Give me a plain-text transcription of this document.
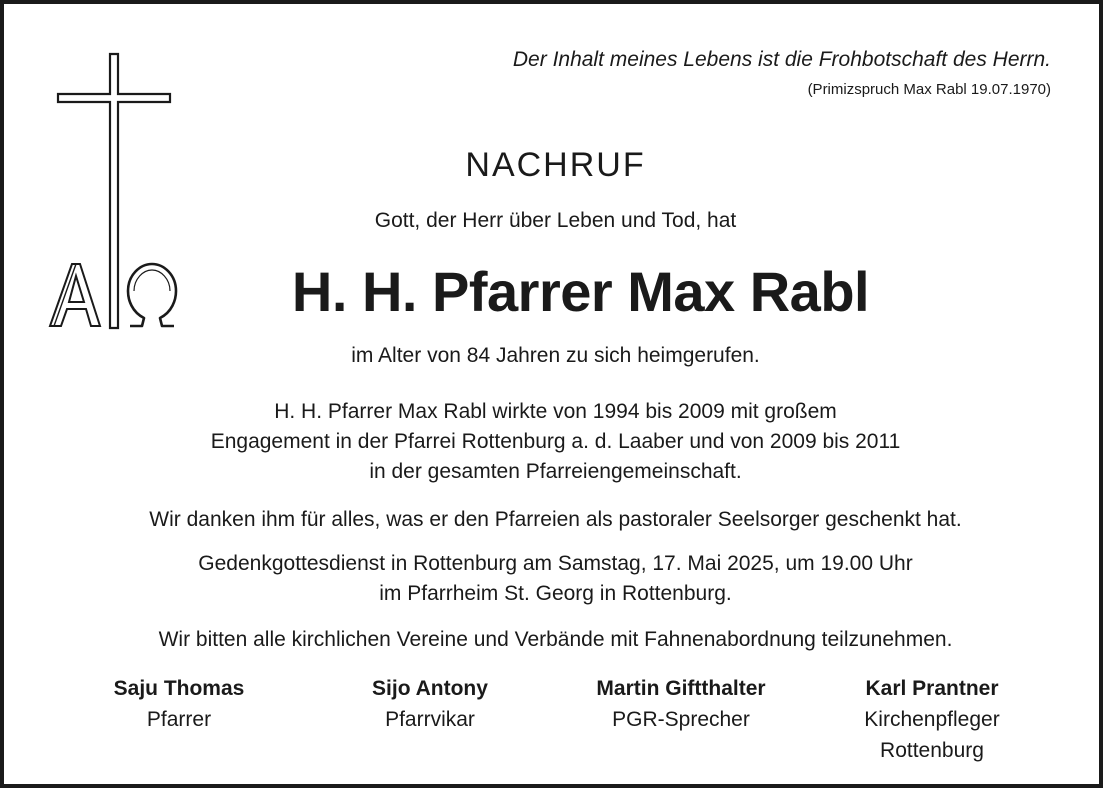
Der Inhalt meines Lebens ist die Frohbotschaft des Herrn.
(Primizspruch Max Rabl 19.07.1970)
NACHRUF
Gott, der Herr über Leben und Tod, hat
H. H. Pfarrer Max Rabl
im Alter von 84 Jahren zu sich heimgerufen.
H. H. Pfarrer Max Rabl wirkte von 1994 bis 2009 mit großem
Engagement in der Pfarrei Rottenburg a. d. Laaber und von 2009 bis 2011
in der gesamten Pfarreiengemeinschaft.
Wir danken ihm für alles, was er den Pfarreien als pastoraler Seelsorger geschenkt hat.
Gedenkgottesdienst in Rottenburg am Samstag, 17. Mai 2025, um 19.00 Uhr
im Pfarrheim St. Georg in Rottenburg.
Wir bitten alle kirchlichen Vereine und Verbände mit Fahnenabordnung teilzunehmen.
Saju Thomas
Pfarrer
Sijo Antony
Pfarrvikar
Martin Giftthalter
PGR-Sprecher
Karl Prantner
Kirchenpfleger
Rottenburg
